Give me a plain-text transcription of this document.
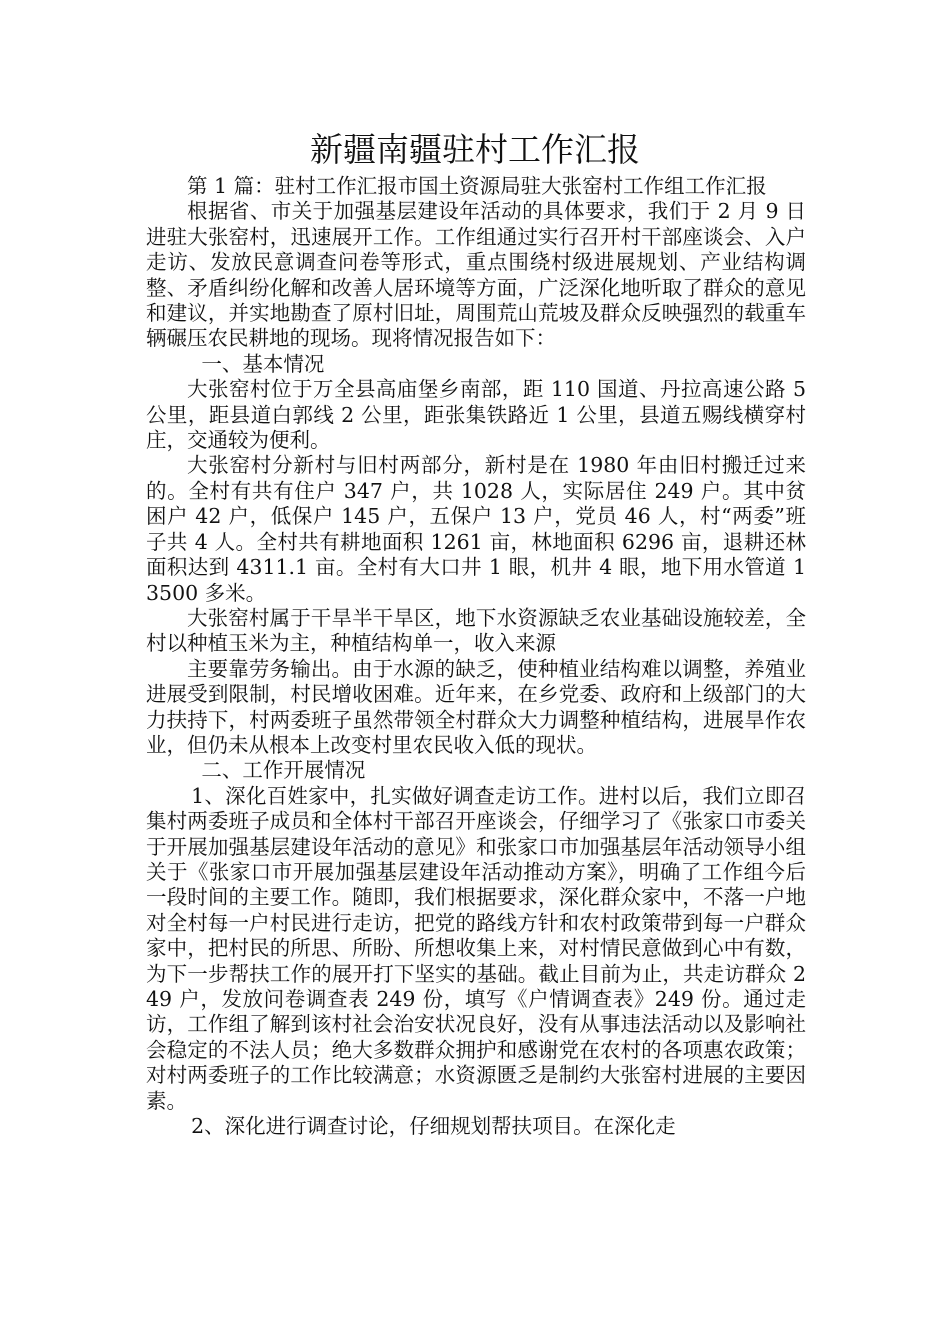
新疆南疆驻村工作汇报

第 1 篇：驻村工作汇报市国土资源局驻大张窑村工作组工作汇报

根据省、市关于加强基层建设年活动的具体要求，我们于 2 月 9 日进驻大张窑村，迅速展开工作。工作组通过实行召开村干部座谈会、入户走访、发放民意调查问卷等形式，重点围绕村级进展规划、产业结构调整、矛盾纠纷化解和改善人居环境等方面，广泛深化地听取了群众的意见和建议，并实地勘查了原村旧址，周围荒山荒坡及群众反映强烈的载重车辆碾压农民耕地的现场。现将情况报告如下：

一、基本情况

大张窑村位于万全县高庙堡乡南部，距 110 国道、丹拉高速公路 5 公里，距县道白郭线 2 公里，距张集铁路近 1 公里，县道五赐线横穿村庄，交通较为便利。

大张窑村分新村与旧村两部分，新村是在 1980 年由旧村搬迁过来的。全村有共有住户 347 户，共 1028 人，实际居住 249 户。其中贫困户 42 户，低保户 145 户，五保户 13 户，党员 46 人，村“两委”班子共 4 人。全村共有耕地面积 1261 亩，林地面积 6296 亩，退耕还林面积达到 4311.1 亩。全村有大口井 1 眼，机井 4 眼，地下用水管道 13500 多米。

大张窑村属于干旱半干旱区，地下水资源缺乏农业基础设施较差，全村以种植玉米为主，种植结构单一，收入来源

主要靠劳务输出。由于水源的缺乏，使种植业结构难以调整，养殖业进展受到限制，村民增收困难。近年来，在乡党委、政府和上级部门的大力扶持下，村两委班子虽然带领全村群众大力调整种植结构，进展旱作农业，但仍未从根本上改变村里农民收入低的现状。

二、工作开展情况

1、深化百姓家中，扎实做好调查走访工作。进村以后，我们立即召集村两委班子成员和全体村干部召开座谈会，仔细学习了《张家口市委关于开展加强基层建设年活动的意见》和张家口市加强基层年活动领导小组关于《张家口市开展加强基层建设年活动推动方案》，明确了工作组今后一段时间的主要工作。随即，我们根据要求，深化群众家中，不落一户地对全村每一户村民进行走访，把党的路线方针和农村政策带到每一户群众家中，把村民的所思、所盼、所想收集上来，对村情民意做到心中有数，为下一步帮扶工作的展开打下坚实的基础。截止目前为止，共走访群众 249 户，发放问卷调查表 249 份，填写《户情调查表》249 份。通过走访，工作组了解到该村社会治安状况良好，没有从事违法活动以及影响社会稳定的不法人员；绝大多数群众拥护和感谢党在农村的各项惠农政策；对村两委班子的工作比较满意；水资源匮乏是制约大张窑村进展的主要因素。

2、深化进行调查讨论，仔细规划帮扶项目。在深化走
